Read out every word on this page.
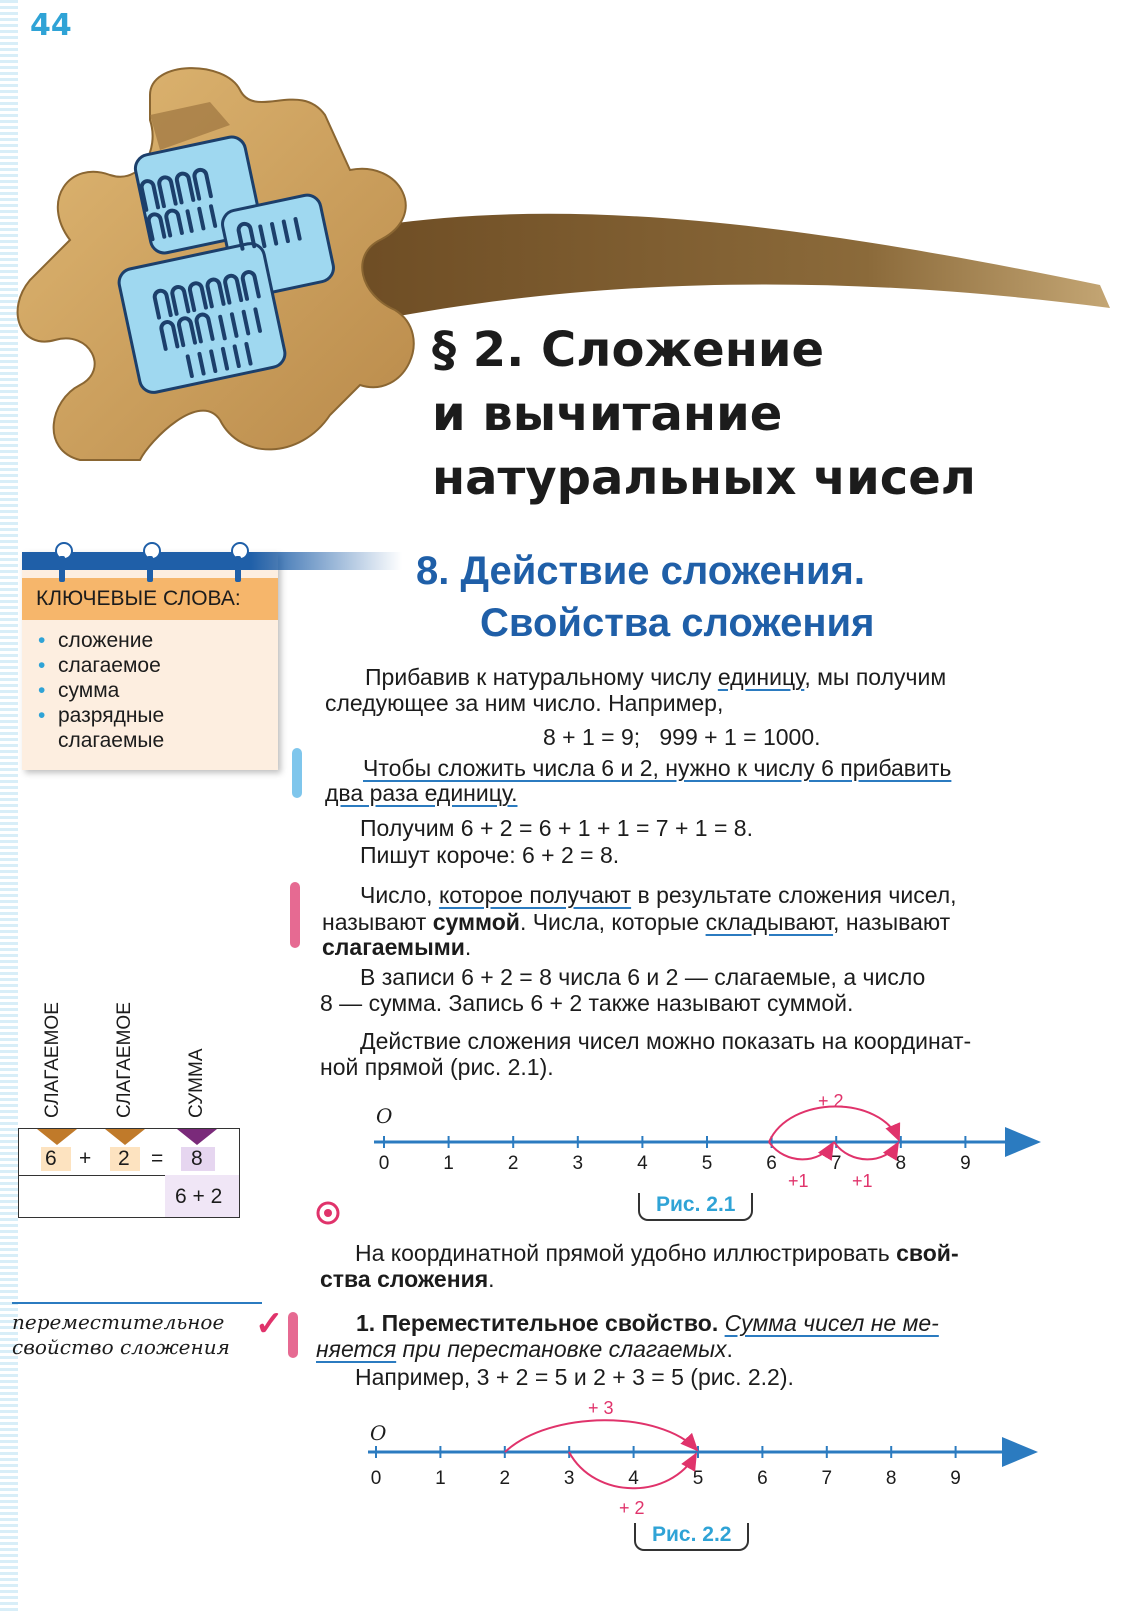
44
§ 2. Сложение
и вычитание
натуральных чисел
КЛЮЧЕВЫЕ СЛОВА:
• сложение
• слагаемое
• сумма
• разрядные
слагаемые
8. Действие сложения.
Свойства сложения
Прибавив к натуральному числу единицу, мы получим
следующее за ним число. Например,
8 + 1 = 9;   999 + 1 = 1000.
Чтобы сложить числа 6 и 2, нужно к числу 6 прибавить
два раза единицу.
Получим 6 + 2 = 6 + 1 + 1 = 7 + 1 = 8.
Пишут короче: 6 + 2 = 8.
Число, которое получают в результате сложения чисел,
называют суммой. Числа, которые складывают, называют
слагаемыми.
В записи 6 + 2 = 8 числа 6 и 2 — слагаемые, а число
8 — сумма. Запись 6 + 2 также называют суммой.
Действие сложения чисел можно показать на координат-
ной прямой (рис. 2.1).
СЛАГАЕМОЕ	СЛАГАЕМОЕ	СУММА
6 + 2 = 8
6 + 2
0	1	2	3	4	5	6	7	8	9
O
+ 2
+1 +1
Рис. 2.1
На координатной прямой удобно иллюстрировать свой-
ства сложения.
переместительное
свойство сложения
✓	1. Переместительное свойство. Сумма чисел не ме-
няется при перестановке слагаемых.
Например, 3 + 2 = 5 и 2 + 3 = 5 (рис. 2.2).
0	1	2	3	4	5	6	7	8	9
O
+ 3
+ 2
Рис. 2.2
